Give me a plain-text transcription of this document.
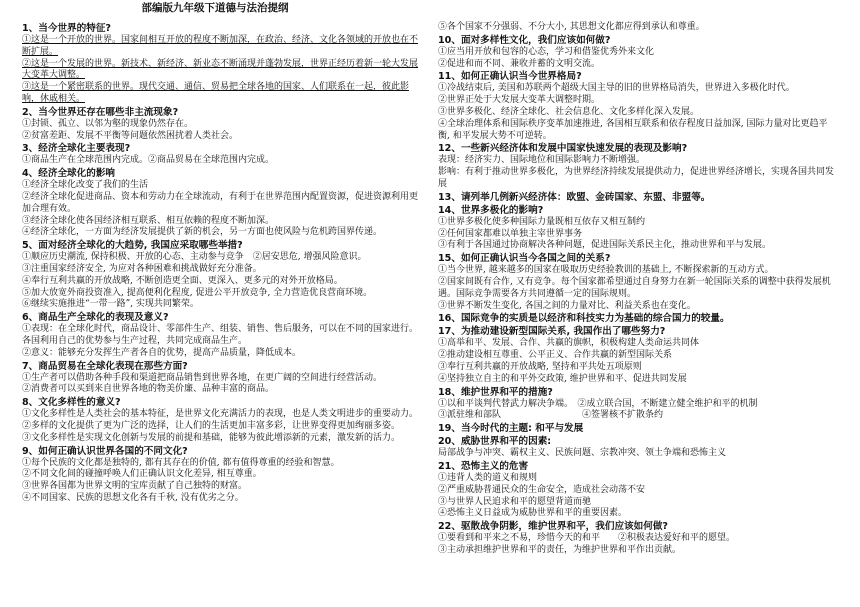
部编版九年级下道德与法治提纲
1、当今世界的特征?
①这是一个开放的世界。国家间相互开放的程度不断加深，在政治、经济、文化各领域的开放也在不断扩展。
②这是一个发展的世界。新技术、新经济、新业态不断涌现并蓬勃发展，世界正经历着新一轮大发展大变革大调整。
③这是一个紧密联系的世界。现代交通、通信、贸易把全球各地的国家、人们联系在一起，彼此影响，休戚相关。
2、当今世界还存在哪些非主流现象?
①封锁、孤立、以邻为壑的现象仍然存在。
②贫富差距、发展不平衡等问题依然困扰着人类社会。
3、经济全球化主要表现?
①商品生产在全球范围内完成。②商品贸易在全球范围内完成。
4、经济全球化的影响
①经济全球化改变了我们的生活
②经济全球化促进商品、资本和劳动力在全球流动，有利于在世界范围内配置资源，促进资源利用更加合理有效。
③经济全球化使各国经济相互联系、相互依赖的程度不断加深。
④经济全球化，一方面为经济发展提供了新的机会，另一方面也使风险与危机跨国界传递。
5、面对经济全球化的大趋势, 我国应采取哪些举措?
①顺应历史潮流, 保持积极、开放的心态、主动参与竞争　②居安思危, 增强风险意识。
③注重国家经济安全, 为应对各种困难和挑战做好充分准备。
④奉行互利共赢的开放战略, 不断创造更全面、更深入、更多元的对外开放格局。
⑤加大放宽外商投资准入, 提高便利化程度, 促进公平开放竞争, 全力营造优良营商环境。
⑥继续实施推进“一带一路”, 实现共同繁荣。
6、商品生产全球化的表现及意义?
①表现：在全球化时代，商品设计、零部件生产、组装、销售、售后服务，可以在不同的国家进行。各国利用自己的优势参与生产过程，共同完成商品生产。
②意义：能够充分发挥生产者各自的优势，提高产品质量，降低成本。
7、商品贸易在全球化表现在那些方面?
①生产者可以借助各种手段和渠道把商品销售到世界各地，在更广阔的空间进行经营活动。
②消费者可以买到来自世界各地的物美价廉、品种丰富的商品。
8、文化多样性的意义?
①文化多样性是人类社会的基本特征，是世界文化充满活力的表现，也是人类文明进步的重要动力。
②多样的文化提供了更为广泛的选择，让人们的生活更加丰富多彩，让世界变得更加绚丽多姿。
③文化多样性是实现文化创新与发展的前提和基础，能够为彼此增添新的元素，激发新的活力。
9、如何正确认识世界各国的不同文化?
①每个民族的文化都是独特的, 都有其存在的价值, 都有值得尊重的经验和智慧。
②不同文化间的碰撞呼唤人们正确认识文化差异, 相互尊重。
③世界各国都为世界文明的宝库贡献了自己独特的财富。
④不同国家、民族的思想文化各有千秋, 没有优劣之分。
⑤各个国家不分强弱、不分大小, 其思想文化都应得到承认和尊重。
10、面对多样性文化，我们应该如何做?
①应当用开放和包容的心态，学习和借鉴优秀外来文化
②促进和而不同、兼收并蓄的文明交流。
11、如何正确认识当今世界格局?
①冷战结束后, 美国和苏联两个超级大国主导的旧的世界格局消失，世界进入多极化时代。
②世界正处于大发展大变革大调整时期。
③世界多极化、经济全球化、社会信息化、文化多样化深入发展。
④全球治理体系和国际秩序变革加速推进, 各国相互联系和依存程度日益加深, 国际力量对比更趋平衡, 和平发展大势不可逆转。
12、一些新兴经济体和发展中国家快速发展的表现及影响?
表现：经济实力、国际地位和国际影响力不断增强。
影响：有利于推动世界多极化，为世界经济持续发展提供动力，促进世界经济增长，实现各国共同发展
13、请列举几例新兴经济体：欧盟、金砖国家、东盟、非盟等。
14、世界多极化的影响?
①世界多极化使多种国际力量既相互依存又相互制约
②任何国家都难以单独主宰世界事务
③有利于各国通过协商解决各种问题，促进国际关系民主化，推动世界和平与发展。
15、如何正确认识当今各国之间的关系?
①当今世界, 越来越多的国家在吸取历史经验教训的基础上, 不断探索新的互动方式。
②国家间既有合作, 又有竞争。每个国家都希望通过自身努力在新一轮国际关系的调整中获得发展机遇。国际竞争需要各方共同遵循一定的国际规则。
③世界不断发生变化, 各国之间的力量对比、利益关系也在变化。
16、国际竞争的实质是以经济和科技实力为基础的综合国力的较量。
17、为推动建设新型国际关系, 我国作出了哪些努力?
①高举和平、发展、合作、共赢的旗帜，积极构建人类命运共同体
②推动建设相互尊重、公平正义、合作共赢的新型国际关系
③奉行互利共赢的开放战略, 坚持和平共处五项原则
④坚持独立自主的和平外交政策, 维护世界和平、促进共同发展
18、维护世界和平的措施?
①以和平谈判代替武力解决争端。　②成立联合国，不断建立健全维护和平的机制
③派驻维和部队　　　　　　　　　④签署核不扩散条约
19、当今时代的主题: 和平与发展
20、威胁世界和平的因素:
局部战争与冲突、霸权主义、民族问题、宗教冲突、领土争端和恐怖主义
21、恐怖主义的危害
①违背人类的道义和规则
②严重威胁普通民众的生命安全，造成社会动荡不安
③与世界人民追求和平的愿望背道而驰
④恐怖主义日益成为威胁世界和平的重要因素。
22、驱散战争阴影，维护世界和平，我们应该如何做?
①要看到和平来之不易，珍惜今天的和平　　②积极表达爱好和平的愿望。
③主动承担维护世界和平的责任，为维护世界和平作出贡献。
